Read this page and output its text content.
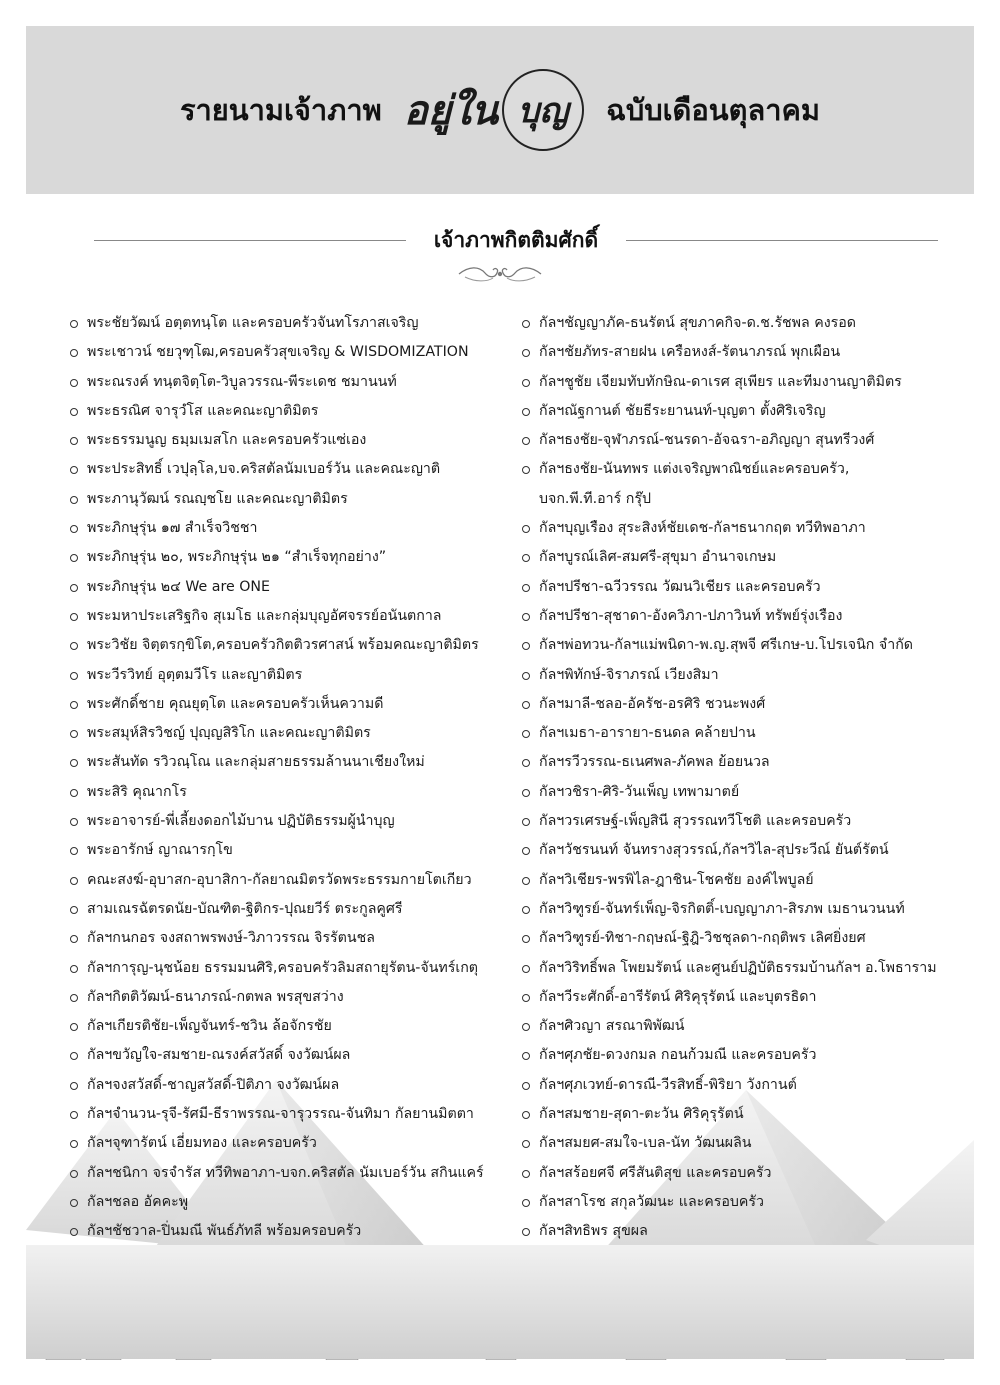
รายนามเจ้าภาพ อยู่ใน บุญ ฉบับเดือนตุลาคม
เจ้าภาพกิตติมศักดิ์
พระชัยวัฒน์ อตฺตทนฺโต และครอบครัวจันทโรภาสเจริญ
พระเชาวน์ ชยวุฑฺโฒ,ครอบครัวสุขเจริญ & WISDOMIZATION
พระณรงค์ ทนฺตจิตฺโต-วิบูลวรรณ-พีระเดช ชมานนท์
พระธรณิศ จารุวํโส และคณะญาติมิตร
พระธรรมนูญ ธมฺมเมสโก และครอบครัวแซ่เอง
พระประสิทธิ์ เวปุลฺโล,บจ.คริสตัลนัมเบอร์วัน และคณะญาติ
พระภานุวัฒน์ รณญฺชโย และคณะญาติมิตร
พระภิกษุรุ่น ๑๗ สำเร็จวิชชา
พระภิกษุรุ่น ๒๐, พระภิกษุรุ่น ๒๑ “สำเร็จทุกอย่าง”
พระภิกษุรุ่น ๒๔ We are ONE
พระมหาประเสริฐกิจ สุเมโธ และกลุ่มบุญอัศจรรย์อนันตกาล
พระวิชัย จิตฺตรกฺขิโต,ครอบครัวกิตติวรศาสน์ พร้อมคณะญาติมิตร
พระวีรวิทย์ อุตฺตมวีโร และญาติมิตร
พระศักดิ์ชาย คุณยุตฺโต และครอบครัวเห็นความดี
พระสมุห์สิรวิชญ์ ปุญฺญสิริโก และคณะญาติมิตร
พระสันทัด รวิวณฺโณ และกลุ่มสายธรรมล้านนาเชียงใหม่
พระสิริ คุณากโร
พระอาจารย์-พี่เลี้ยงดอกไม้บาน ปฏิบัติธรรมผู้นำบุญ
พระอารักษ์ ญาณารกฺโข
คณะสงฆ์-อุบาสก-อุบาสิกา-กัลยาณมิตรวัดพระธรรมกายโตเกียว
สามเณรฉัตรดนัย-บัณฑิต-ฐิติกร-ปุณยวีร์ ตระกูลคูศรี
กัลฯกนกอร จงสถาพรพงษ์-วิภาวรรณ จิรรัตนชล
กัลฯการุญ-นุชน้อย ธรรมมนศิริ,ครอบครัวลิมสถายุรัตน-จันทร์เกตุ
กัลฯกิตติวัฒน์-ธนาภรณ์-กตพล พรสุขสว่าง
กัลฯเกียรติชัย-เพ็ญจันทร์-ชวิน ล้อจักรชัย
กัลฯขวัญใจ-สมชาย-ณรงค์สวัสดิ์ จงวัฒน์ผล
กัลฯจงสวัสดิ์-ชาญสวัสดิ์-ปิติภา จงวัฒน์ผล
กัลฯจำนวน-รุจี-รัศมี-ธีราพรรณ-จารุวรรณ-จันทิมา กัลยานมิตตา
กัลฯจุฑารัตน์ เอี่ยมทอง และครอบครัว
กัลฯชนิกา จรจำรัส ทวีทิพอาภา-บจก.คริสตัล นัมเบอร์วัน สกินแคร์
กัลฯชลอ อัคคะพู
กัลฯชัชวาล-ปิ่นมณี พันธ์ภัทลี พร้อมครอบครัว
กัลฯชัญญาภัค-ธนรัตน์ สุขภาคกิจ-ด.ช.รัชพล คงรอด
กัลฯชัยภัทร-สายฝน เครือหงส์-รัตนาภรณ์ พุกเผือน
กัลฯชูชัย เจียมทับทักษิณ-ดาเรศ สุเพียร และทีมงานญาติมิตร
กัลฯณัฐกานต์ ชัยธีระยานนท์-บุญตา ตั้งศิริเจริญ
กัลฯธงชัย-จุฬาภรณ์-ชนรดา-อัจฉรา-อภิญญา สุนทรีวงศ์
กัลฯธงชัย-นันทพร แต่งเจริญพาณิชย์และครอบครัว,
บจก.พี.ที.อาร์ กรุ๊ป
กัลฯบุญเรือง สุระสิงห์ชัยเดช-กัลฯธนากฤต ทวีทิพอาภา
กัลฯบูรณ์เลิศ-สมศรี-สุขุมา อำนาจเกษม
กัลฯปรีชา-ฉวีวรรณ วัฒนวิเชียร และครอบครัว
กัลฯปรีชา-สุชาดา-อังควิภา-ปภาวินท์ ทรัพย์รุ่งเรือง
กัลฯพ่อทวน-กัลฯแม่พนิดา-พ.ญ.สุพจี ศรีเกษ-บ.โปรเจนิก จำกัด
กัลฯพิทักษ์-จิราภรณ์ เวียงสิมา
กัลฯมาลี-ชลอ-อัครัช-อรศิริ ชวนะพงศ์
กัลฯเมธา-อารายา-ธนดล คล้ายปาน
กัลฯรวีวรรณ-ธเนศพล-ภัคพล ย้อยนวล
กัลฯวชิรา-ศิริ-วันเพ็ญ เทพามาตย์
กัลฯวรเศรษฐ์-เพ็ญสินี สุวรรณทวีโชติ และครอบครัว
กัลฯวัชรนนท์ จันทรางสุวรรณ์,กัลฯวิไล-สุประวีณ์ ยันต์รัตน์
กัลฯวิเชียร-พรพิไล-ฎาชิน-โชคชัย องค์ไพบูลย์
กัลฯวิฑูรย์-จันทร์เพ็ญ-จิรกิตติ์-เบญญาภา-สิรภพ เมธานวนนท์
กัลฯวิฑูรย์-ทิชา-กฤษณ์-ฐิฎิ-วิชชุลดา-กฤติพร เลิศยิ่งยศ
กัลฯวิริทธิ์พล โพยมรัตน์ และศูนย์ปฏิบัติธรรมบ้านกัลฯ อ.โพธาราม
กัลฯวีระศักดิ์-อารีรัตน์ ศิริคุรุรัตน์ และบุตรธิดา
กัลฯศิวญา สรณาพิพัฒน์
กัลฯศุภชัย-ดวงกมล กอนก้วมณี และครอบครัว
กัลฯศุภเวทย์-ดารณี-วีรสิทธิ์-พิริยา วังกานต์
กัลฯสมชาย-สุดา-ตะวัน ศิริคุรุรัตน์
กัลฯสมยศ-สมใจ-เบล-นัท วัฒนผลิน
กัลฯสร้อยศจี ศรีสันติสุข และครอบครัว
กัลฯสาโรช สกุลวัฒนะ และครอบครัว
กัลฯสิทธิพร สุขผล
